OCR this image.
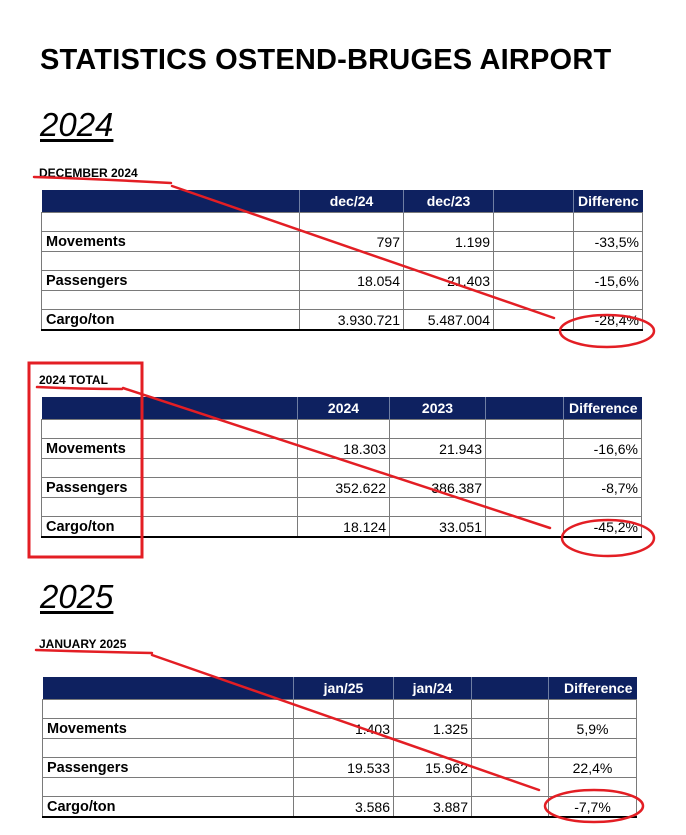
STATISTICS OSTEND-BRUGES AIRPORT
2024
DECEMBER 2024
	dec/24	dec/23		Differenc

Movements	797	1.199		-33,5%

Passengers	18.054	21.403		-15,6%

Cargo/ton	3.930.721	5.487.004		-28,4%
2024 TOTAL
	2024	2023		Difference

Movements	18.303	21.943		-16,6%

Passengers	352.622	386.387		-8,7%

Cargo/ton	18.124	33.051		-45,2%
2025
JANUARY 2025
	jan/25	jan/24		Difference

Movements	1.403	1.325		5,9%

Passengers	19.533	15.962		22,4%

Cargo/ton	3.586	3.887		-7,7%
